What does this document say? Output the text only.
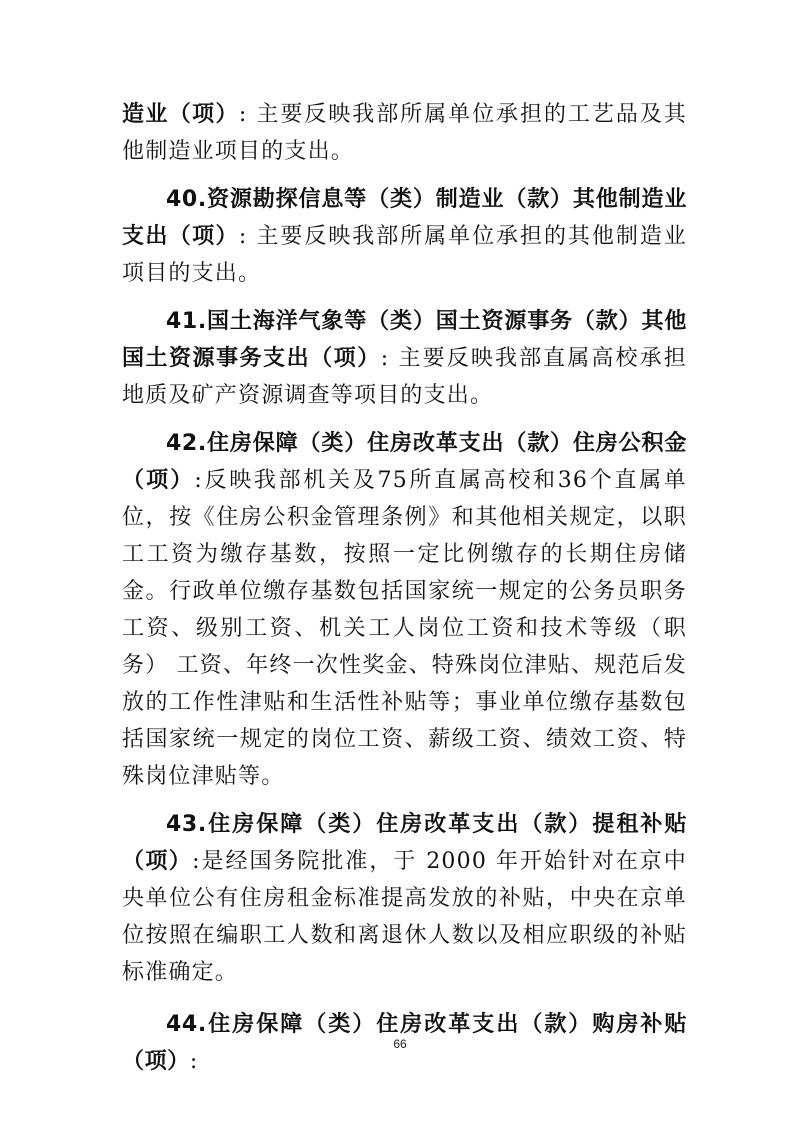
造业（项）: 主要反映我部所属单位承担的工艺品及其他制造业项目的支出。

40.资源勘探信息等（类）制造业（款）其他制造业支出（项）: 主要反映我部所属单位承担的其他制造业项目的支出。

41.国土海洋气象等（类）国土资源事务（款）其他国土资源事务支出（项）: 主要反映我部直属高校承担地质及矿产资源调查等项目的支出。

42.住房保障（类）住房改革支出（款）住房公积金（项）:反映我部机关及75所直属高校和36个直属单位，按《住房公积金管理条例》和其他相关规定，以职工工资为缴存基数，按照一定比例缴存的长期住房储金。行政单位缴存基数包括国家统一规定的公务员职务工资、级别工资、机关工人岗位工资和技术等级（职务） 工资、年终一次性奖金、特殊岗位津贴、规范后发放的工作性津贴和生活性补贴等；事业单位缴存基数包括国家统一规定的岗位工资、薪级工资、绩效工资、特殊岗位津贴等。

43.住房保障（类）住房改革支出（款）提租补贴（项）:是经国务院批准，于 2000 年开始针对在京中央单位公有住房租金标准提高发放的补贴，中央在京单位按照在编职工人数和离退休人数以及相应职级的补贴标准确定。

44.住房保障（类）住房改革支出（款）购房补贴（项）:

66
